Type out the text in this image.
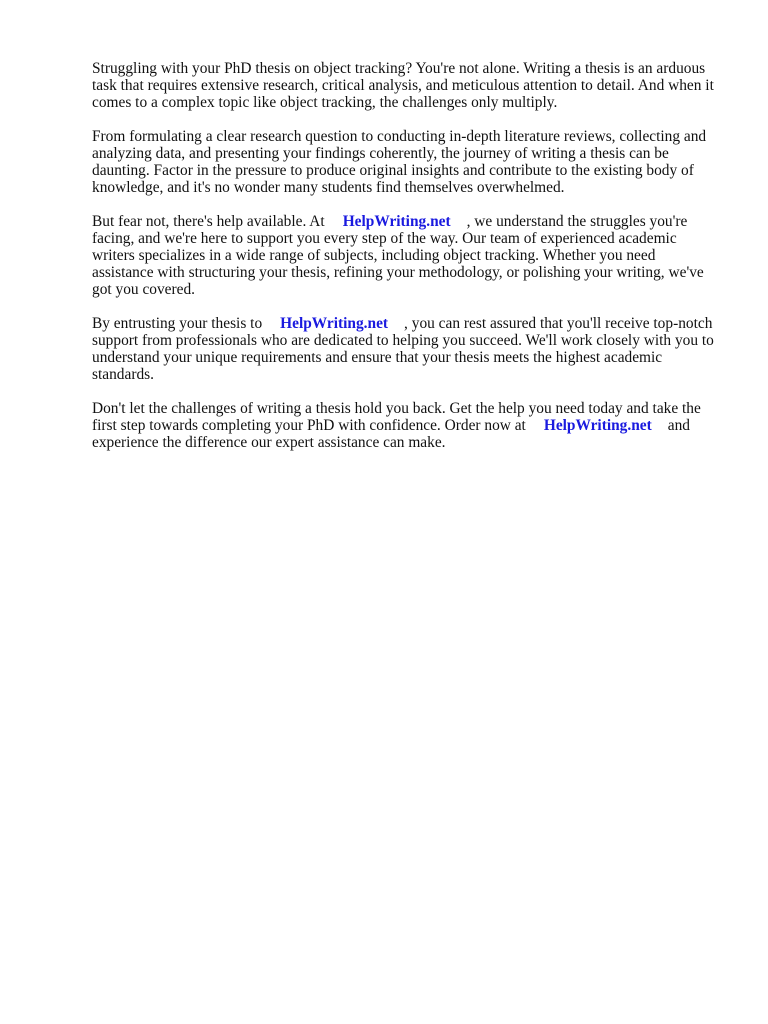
Struggling with your PhD thesis on object tracking? You're not alone. Writing a thesis is an arduous task that requires extensive research, critical analysis, and meticulous attention to detail. And when it comes to a complex topic like object tracking, the challenges only multiply.

From formulating a clear research question to conducting in-depth literature reviews, collecting and analyzing data, and presenting your findings coherently, the journey of writing a thesis can be daunting. Factor in the pressure to produce original insights and contribute to the existing body of knowledge, and it's no wonder many students find themselves overwhelmed.

But fear not, there's help available. At HelpWriting.net , we understand the struggles you're facing, and we're here to support you every step of the way. Our team of experienced academic writers specializes in a wide range of subjects, including object tracking. Whether you need assistance with structuring your thesis, refining your methodology, or polishing your writing, we've got you covered.

By entrusting your thesis to HelpWriting.net , you can rest assured that you'll receive top-notch support from professionals who are dedicated to helping you succeed. We'll work closely with you to understand your unique requirements and ensure that your thesis meets the highest academic standards.

Don't let the challenges of writing a thesis hold you back. Get the help you need today and take the first step towards completing your PhD with confidence. Order now at HelpWriting.net and experience the difference our expert assistance can make.
